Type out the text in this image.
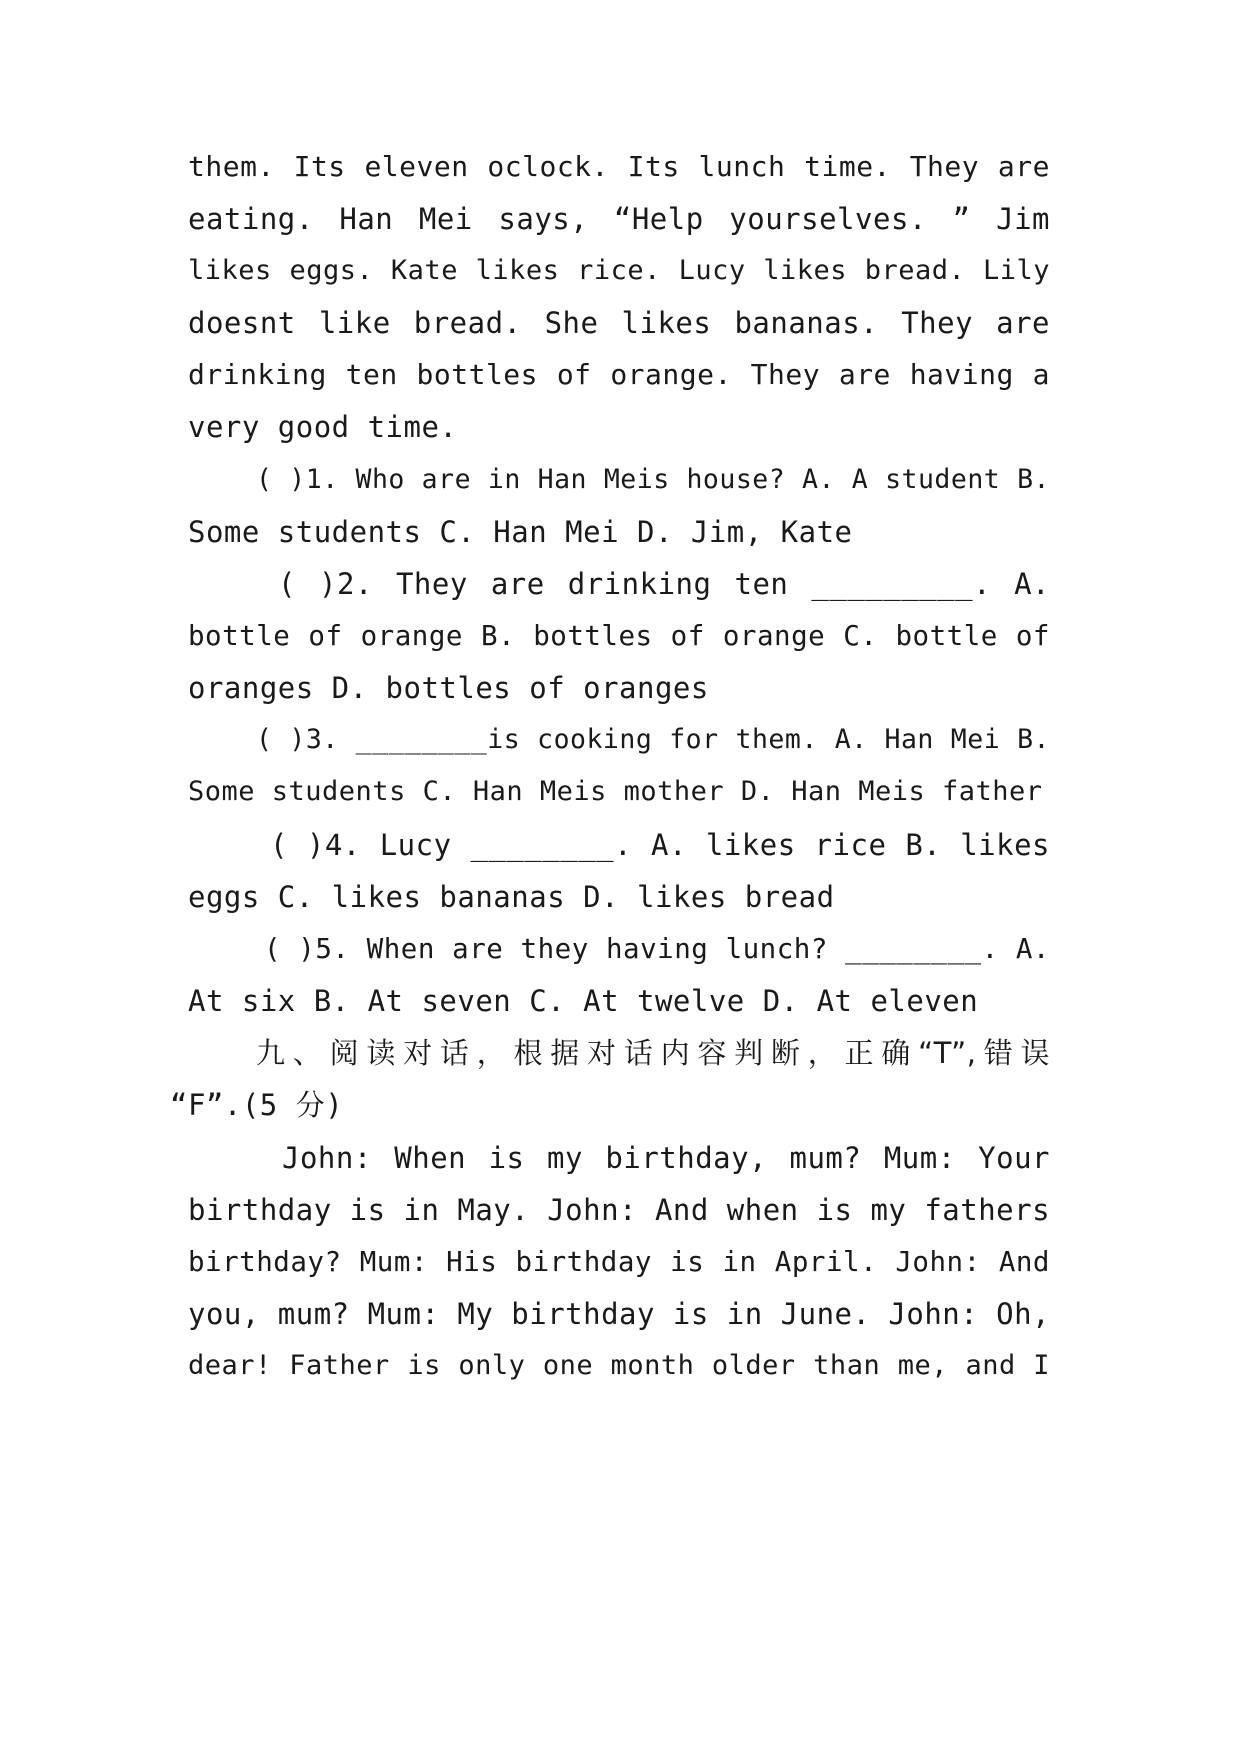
them. Its eleven oclock. Its lunch time. They are
eating. Han Mei says, “Help yourselves. ” Jim
likes eggs. Kate likes rice. Lucy likes bread. Lily
doesnt like bread. She likes bananas. They are
drinking ten bottles of orange. They are having a
very good time.
( )1. Who are in Han Meis house? A. A student B.
Some students C. Han Mei D. Jim, Kate
( )2. They are drinking ten _________. A.
bottle of orange B. bottles of orange C. bottle of
oranges D. bottles of oranges
( )3. ________is cooking for them. A. Han Mei B.
Some students C. Han Meis mother D. Han Meis father
( )4. Lucy ________. A. likes rice B. likes
eggs C. likes bananas D. likes bread
( )5. When are they having lunch? ________. A.
At six B. At seven C. At twelve D. At eleven
九、阅读对话，根据对话内容判断，正确“T”,错误
“F”.(5 分)
John: When is my birthday, mum? Mum: Your
birthday is in May. John: And when is my fathers
birthday? Mum: His birthday is in April. John: And
you, mum? Mum: My birthday is in June. John: Oh,
dear! Father is only one month older than me, and I
